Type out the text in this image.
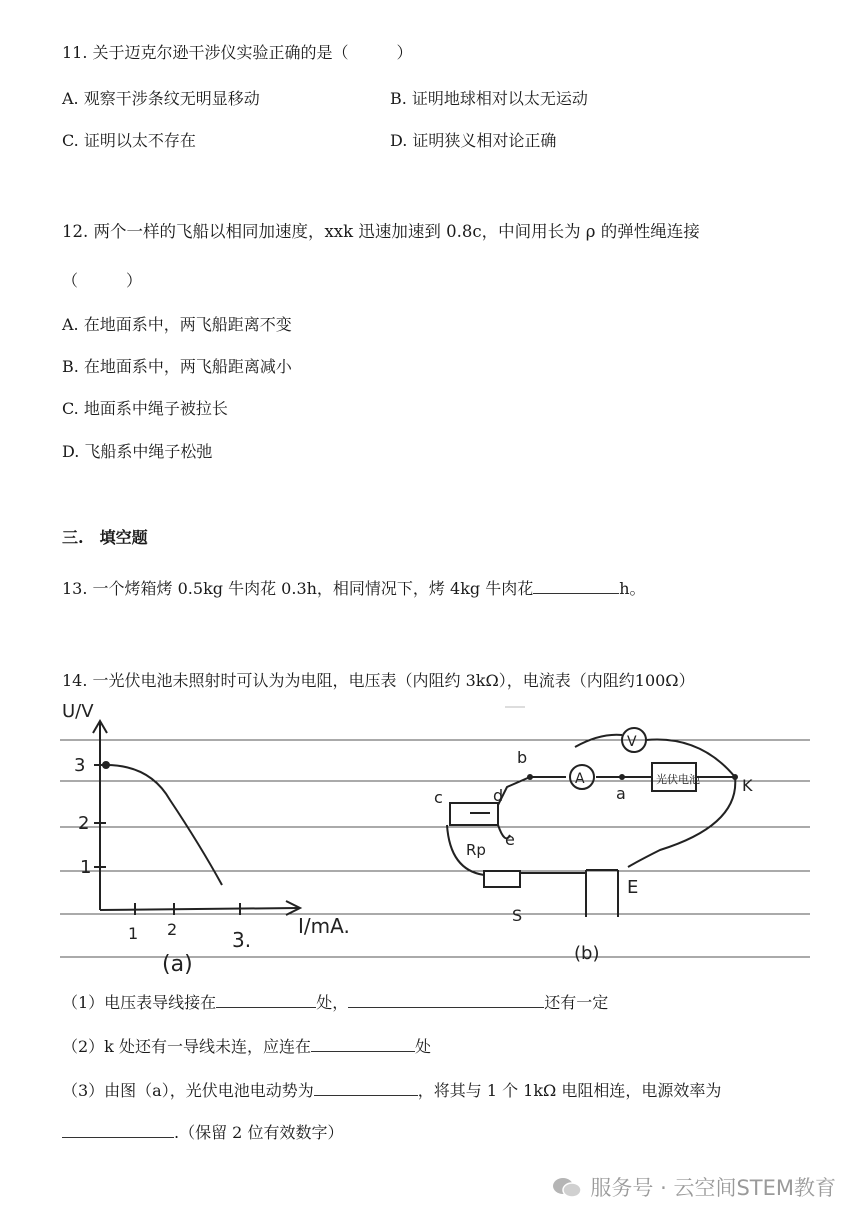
11. 关于迈克尔逊干涉仪实验正确的是（　　　）
A. 观察干涉条纹无明显移动	B. 证明地球相对以太无运动
C. 证明以太不存在	D. 证明狭义相对论正确
12. 两个一样的飞船以相同加速度，xxk 迅速加速到 0.8c，中间用长为 ρ 的弹性绳连接
（　　　）
A. 在地面系中，两飞船距离不变
B. 在地面系中，两飞船距离减小
C. 地面系中绳子被拉长
D. 飞船系中绳子松弛
三.　填空题
13. 一个烤箱烤 0.5kg 牛肉花 0.3h，相同情况下，烤 4kg 牛肉花	h。
14. 一光伏电池未照射时可认为为电阻，电压表（内阻约 3kΩ），电流表（内阻约100Ω）
U/V
3
2
1
1 2	3.
I/mA.
(a)
A
V
光伏电池
b
a
c	d
e
K
Rp
E
S
(b)
（1）电压表导线接在	处，	还有一定
（2）k 处还有一导线未连，应连在	处
（3）由图（a），光伏电池电动势为	，将其与 1 个 1kΩ 电阻相连，电源效率为
.（保留 2 位有效数字）
服务号 · 云空间STEM教育
